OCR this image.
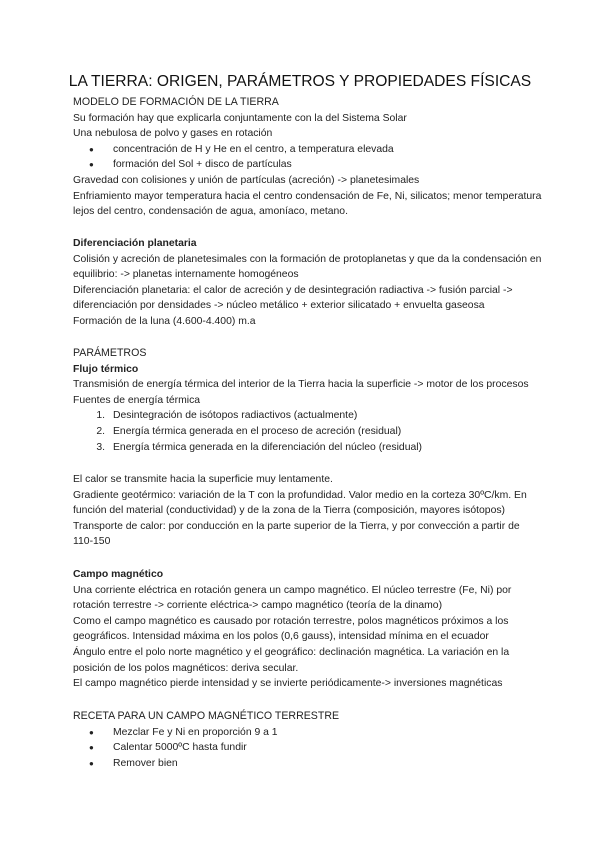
LA TIERRA: ORIGEN, PARÁMETROS Y PROPIEDADES FÍSICAS
MODELO DE FORMACIÓN DE LA TIERRA
Su formación hay que explicarla conjuntamente con la del Sistema Solar
Una nebulosa de polvo y gases en rotación
● concentración de H y He en el centro, a temperatura elevada
● formación del Sol + disco de partículas
Gravedad con colisiones y unión de partículas (acreción) -> planetesimales
Enfriamiento mayor temperatura hacia el centro condensación de Fe, Ni, silicatos; menor temperatura
lejos del centro, condensación de agua, amoníaco, metano.
Diferenciación planetaria
Colisión y acreción de planetesimales con la formación de protoplanetas y que da la condensación en
equilibrio: -> planetas internamente homogéneos
Diferenciación planetaria: el calor de acreción y de desintegración radiactiva -> fusión parcial ->
diferenciación por densidades -> núcleo metálico + exterior silicatado + envuelta gaseosa
Formación de la luna (4.600-4.400) m.a
PARÁMETROS
Flujo térmico
Transmisión de energía térmica del interior de la Tierra hacia la superficie -> motor de los procesos
Fuentes de energía térmica
1. Desintegración de isótopos radiactivos (actualmente)
2. Energía térmica generada en el proceso de acreción (residual)
3. Energía térmica generada en la diferenciación del núcleo (residual)
El calor se transmite hacia la superficie muy lentamente.
Gradiente geotérmico: variación de la T con la profundidad. Valor medio en la corteza 30ºC/km. En
función del material (conductividad) y de la zona de la Tierra (composición, mayores isótopos)
Transporte de calor: por conducción en la parte superior de la Tierra, y por convección a partir de
110-150
Campo magnético
Una corriente eléctrica en rotación genera un campo magnético. El núcleo terrestre (Fe, Ni) por
rotación terrestre -> corriente eléctrica-> campo magnético (teoría de la dinamo)
Como el campo magnético es causado por rotación terrestre, polos magnéticos próximos a los
geográficos. Intensidad máxima en los polos (0,6 gauss), intensidad mínima en el ecuador
Ángulo entre el polo norte magnético y el geográfico: declinación magnética. La variación en la
posición de los polos magnéticos: deriva secular.
El campo magnético pierde intensidad y se invierte periódicamente-> inversiones magnéticas
RECETA PARA UN CAMPO MAGNÉTICO TERRESTRE
● Mezclar Fe y Ni en proporción 9 a 1
● Calentar 5000ºC hasta fundir
● Remover bien
